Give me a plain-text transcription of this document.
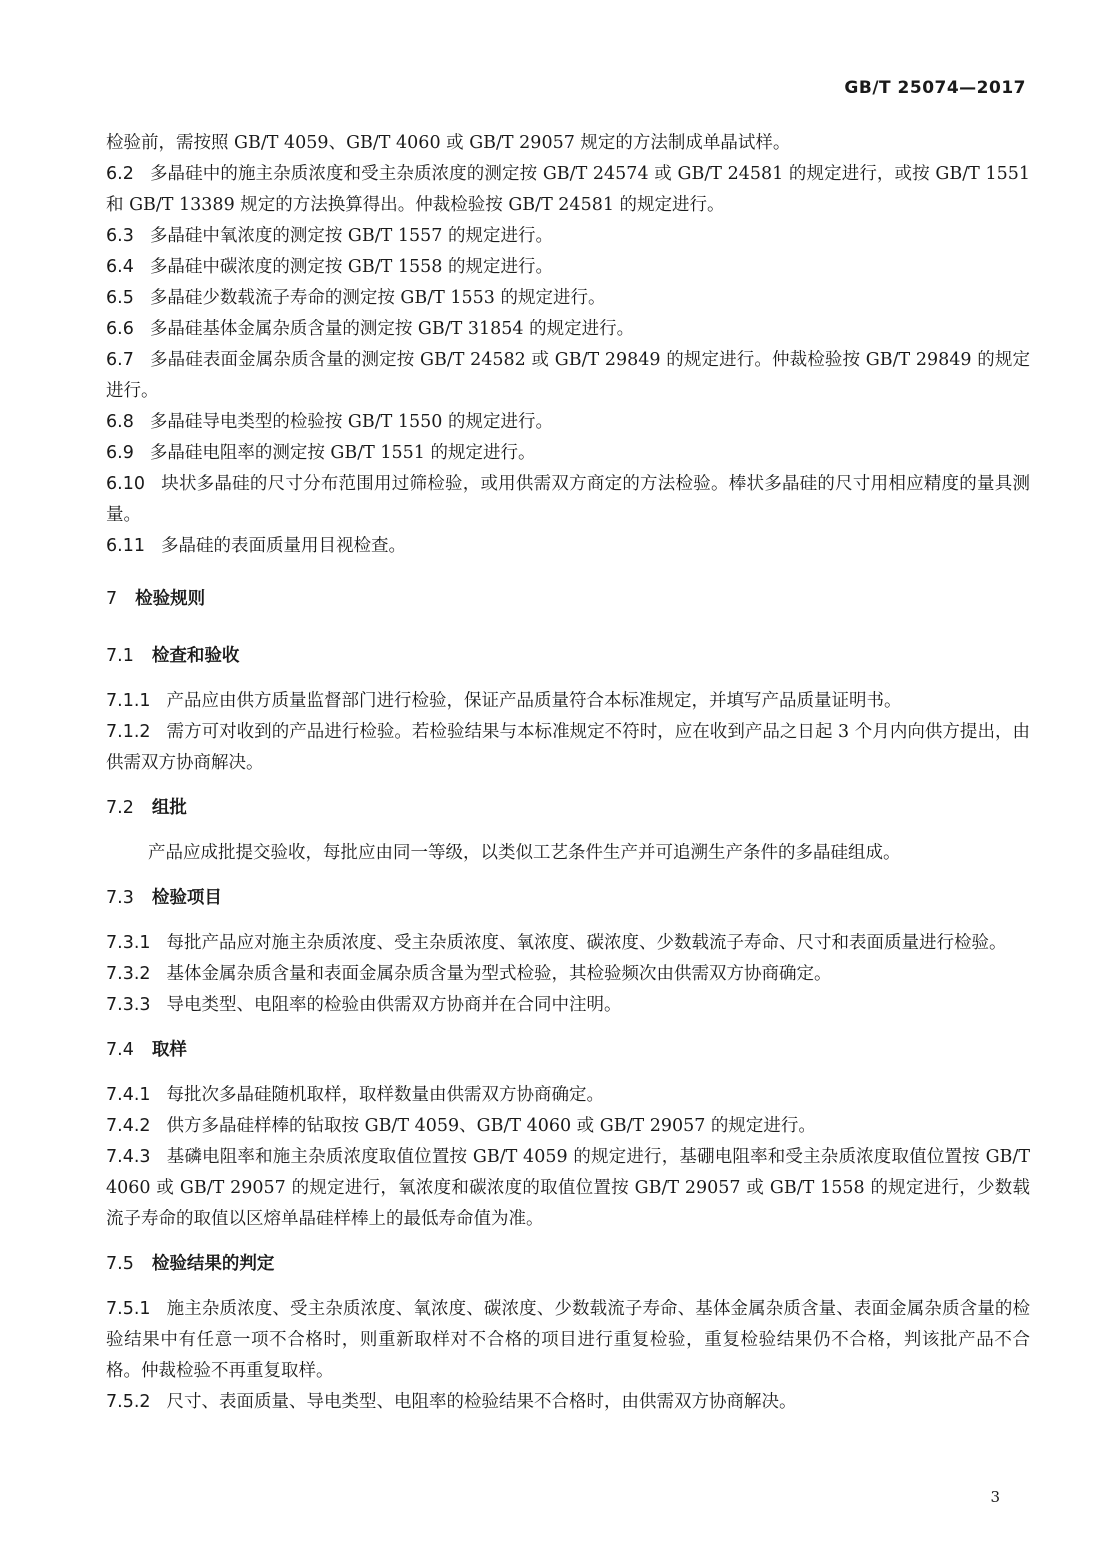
GB/T 25074—2017

检验前，需按照 GB/T 4059、GB/T 4060 或 GB/T 29057 规定的方法制成单晶试样。

6.2 多晶硅中的施主杂质浓度和受主杂质浓度的测定按 GB/T 24574 或 GB/T 24581 的规定进行，或按 GB/T 1551 和 GB/T 13389 规定的方法换算得出。仲裁检验按 GB/T 24581 的规定进行。

6.3 多晶硅中氧浓度的测定按 GB/T 1557 的规定进行。

6.4 多晶硅中碳浓度的测定按 GB/T 1558 的规定进行。

6.5 多晶硅少数载流子寿命的测定按 GB/T 1553 的规定进行。

6.6 多晶硅基体金属杂质含量的测定按 GB/T 31854 的规定进行。

6.7 多晶硅表面金属杂质含量的测定按 GB/T 24582 或 GB/T 29849 的规定进行。仲裁检验按 GB/T 29849 的规定进行。

6.8 多晶硅导电类型的检验按 GB/T 1550 的规定进行。

6.9 多晶硅电阻率的测定按 GB/T 1551 的规定进行。

6.10 块状多晶硅的尺寸分布范围用过筛检验，或用供需双方商定的方法检验。棒状多晶硅的尺寸用相应精度的量具测量。

6.11 多晶硅的表面质量用目视检查。

7 检验规则

7.1 检查和验收

7.1.1 产品应由供方质量监督部门进行检验，保证产品质量符合本标准规定，并填写产品质量证明书。

7.1.2 需方可对收到的产品进行检验。若检验结果与本标准规定不符时，应在收到产品之日起 3 个月内向供方提出，由供需双方协商解决。

7.2 组批

产品应成批提交验收，每批应由同一等级，以类似工艺条件生产并可追溯生产条件的多晶硅组成。

7.3 检验项目

7.3.1 每批产品应对施主杂质浓度、受主杂质浓度、氧浓度、碳浓度、少数载流子寿命、尺寸和表面质量进行检验。

7.3.2 基体金属杂质含量和表面金属杂质含量为型式检验，其检验频次由供需双方协商确定。

7.3.3 导电类型、电阻率的检验由供需双方协商并在合同中注明。

7.4 取样

7.4.1 每批次多晶硅随机取样，取样数量由供需双方协商确定。

7.4.2 供方多晶硅样棒的钻取按 GB/T 4059、GB/T 4060 或 GB/T 29057 的规定进行。

7.4.3 基磷电阻率和施主杂质浓度取值位置按 GB/T 4059 的规定进行，基硼电阻率和受主杂质浓度取值位置按 GB/T 4060 或 GB/T 29057 的规定进行，氧浓度和碳浓度的取值位置按 GB/T 29057 或 GB/T 1558 的规定进行，少数载流子寿命的取值以区熔单晶硅样棒上的最低寿命值为准。

7.5 检验结果的判定

7.5.1 施主杂质浓度、受主杂质浓度、氧浓度、碳浓度、少数载流子寿命、基体金属杂质含量、表面金属杂质含量的检验结果中有任意一项不合格时，则重新取样对不合格的项目进行重复检验，重复检验结果仍不合格，判该批产品不合格。仲裁检验不再重复取样。

7.5.2 尺寸、表面质量、导电类型、电阻率的检验结果不合格时，由供需双方协商解决。

3
